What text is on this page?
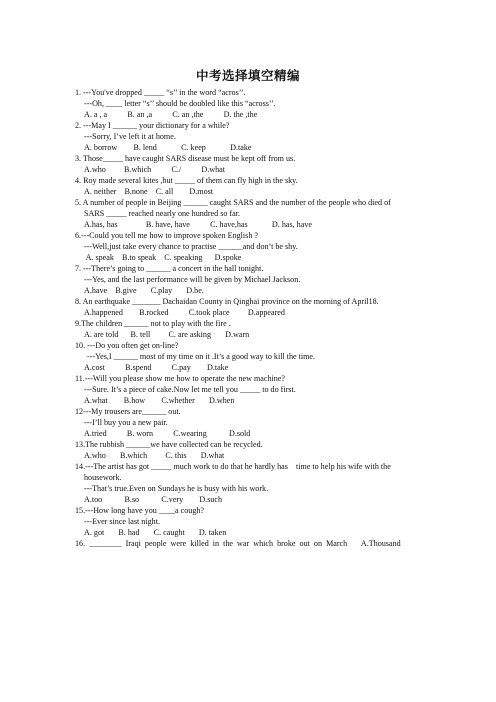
中考选择填空精编
1. ---You've dropped _____ “s’’ in the word “acros’’.
---Oh, ____ letter “s’’ should be doubled like this “across’’.
A. a , a          B. an ,a          C. an ,the          D. the ,the
2. ---May I ______ your dictionary for a while?
---Sorry, I’ve left it at home.
A. borrow        B. lend            C. keep            D.take
3. Those_____ have caught SARS disease must be kept off from us.
A.who         B.which          C./          D.what
4. Roy made several kites ,but _____ of them can fly high in the sky.
A. neither    B.none    C. all        D.most
5. A number of people in Beijing ______ caught SARS and the number of the people who died of
SARS _____ reached nearly one hundred so far.
A.has, has              B. have, have          C. have,has            D. has, have
6.---Could you tell me how to improve spoken English ?
---Well,just take every chance to practise ______and don’t be shy.
A. speak    B.to speak    C. speaking      D.spoke
7. ---There’s going to ______ a concert in the hall tonight.
---Yes, and the last performance will be given by Michael Jackson.
A.have    B.give       C.play       D.be.
8. An earthquake _______ Dachaidan County in Qinghai province on the morning of April18.
A.happened        B.rocked          C.took place         D.appeared
9.The children ______ not to play with the fire .
A. are told      B. tell         C. are asking       D.warn
10. ---Do you often get on-line?
---Yes,I ______ most of my time on it .It’s a good way to kill the time.
A.cost          B.spend          C.pay        D.take
11.---Will you please show me how to operate the new machine?
---Sure. It’s a piece of cake.Now let me tell you _____ to do first.
A.what        B.how        C.whether       D.when
12---My trousers are______ out.
---I’ll buy you a new pair.
A.tried          B. worn          C.wearing           D.sold
13.The rubbish ______we have collected can be recycled.
A.who       B.which         C. this       D.what
14.---The artist has got _____ much work to do that he hardly has    time to help his wife with the
housework.
---That’s true.Even on Sundays he is busy with his work.
A.too           B.so           C.very        D.such
15.---How long have you ____a cough?
---Ever since last night.
A. got       B. had       C. caught       D. taken
16.  ________  Iraqi  people  were  killed  in  the  war  which  broke  out  on  March       A.Thousand
